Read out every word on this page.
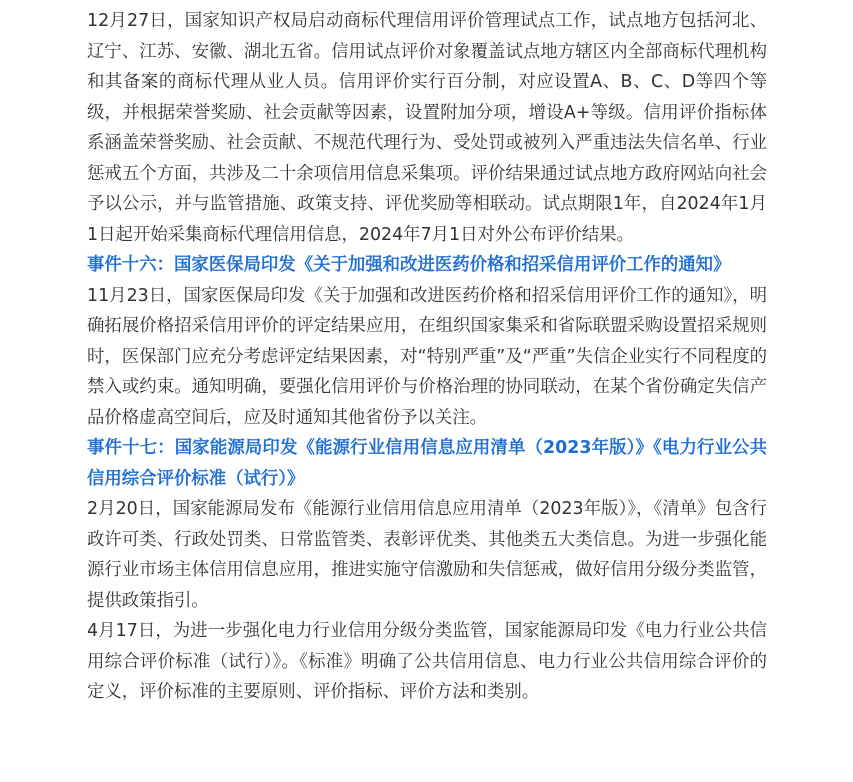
12月27日，国家知识产权局启动商标代理信用评价管理试点工作，试点地方包括河北、辽宁、江苏、安徽、湖北五省。信用试点评价对象覆盖试点地方辖区内全部商标代理机构和其备案的商标代理从业人员。信用评价实行百分制，对应设置A、B、C、D等四个等级，并根据荣誉奖励、社会贡献等因素，设置附加分项，增设A+等级。信用评价指标体系涵盖荣誉奖励、社会贡献、不规范代理行为、受处罚或被列入严重违法失信名单、行业惩戒五个方面，共涉及二十余项信用信息采集项。评价结果通过试点地方政府网站向社会予以公示，并与监管措施、政策支持、评优奖励等相联动。试点期限1年，自2024年1月1日起开始采集商标代理信用信息，2024年7月1日对外公布评价结果。

事件十六：国家医保局印发《关于加强和改进医药价格和招采信用评价工作的通知》

11月23日，国家医保局印发《关于加强和改进医药价格和招采信用评价工作的通知》，明确拓展价格招采信用评价的评定结果应用，在组织国家集采和省际联盟采购设置招采规则时，医保部门应充分考虑评定结果因素，对“特别严重”及“严重”失信企业实行不同程度的禁入或约束。通知明确，要强化信用评价与价格治理的协同联动，在某个省份确定失信产品价格虚高空间后，应及时通知其他省份予以关注。

事件十七：国家能源局印发《能源行业信用信息应用清单（2023年版）》《电力行业公共信用综合评价标准（试行）》

2月20日，国家能源局发布《能源行业信用信息应用清单（2023年版）》，《清单》包含行政许可类、行政处罚类、日常监管类、表彰评优类、其他类五大类信息。为进一步强化能源行业市场主体信用信息应用，推进实施守信激励和失信惩戒，做好信用分级分类监管，提供政策指引。

4月17日，为进一步强化电力行业信用分级分类监管，国家能源局印发《电力行业公共信用综合评价标准（试行）》。《标准》明确了公共信用信息、电力行业公共信用综合评价的定义，评价标准的主要原则、评价指标、评价方法和类别。
